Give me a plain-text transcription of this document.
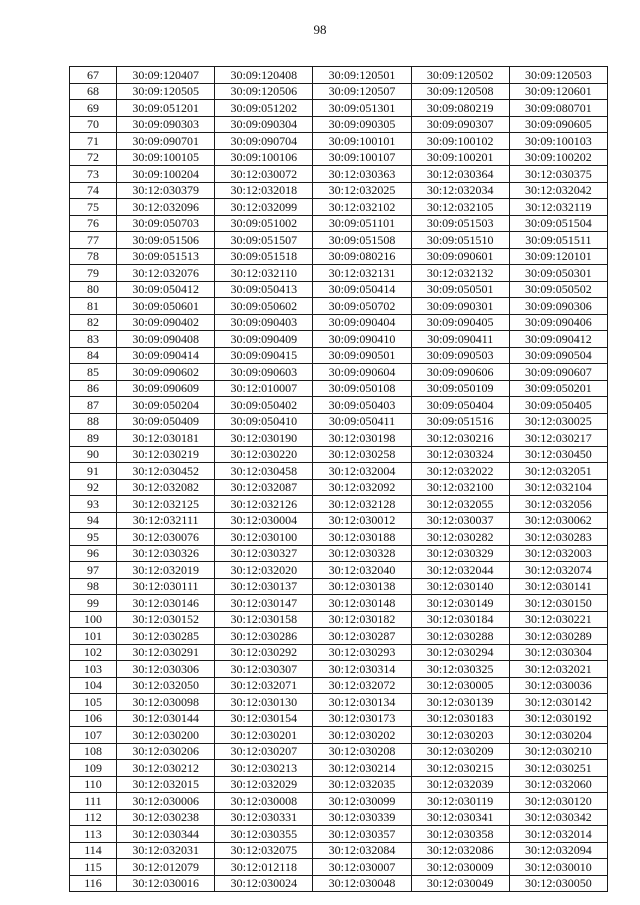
98
67	30:09:120407	30:09:120408	30:09:120501	30:09:120502	30:09:120503
68	30:09:120505	30:09:120506	30:09:120507	30:09:120508	30:09:120601
69	30:09:051201	30:09:051202	30:09:051301	30:09:080219	30:09:080701
70	30:09:090303	30:09:090304	30:09:090305	30:09:090307	30:09:090605
71	30:09:090701	30:09:090704	30:09:100101	30:09:100102	30:09:100103
72	30:09:100105	30:09:100106	30:09:100107	30:09:100201	30:09:100202
73	30:09:100204	30:12:030072	30:12:030363	30:12:030364	30:12:030375
74	30:12:030379	30:12:032018	30:12:032025	30:12:032034	30:12:032042
75	30:12:032096	30:12:032099	30:12:032102	30:12:032105	30:12:032119
76	30:09:050703	30:09:051002	30:09:051101	30:09:051503	30:09:051504
77	30:09:051506	30:09:051507	30:09:051508	30:09:051510	30:09:051511
78	30:09:051513	30:09:051518	30:09:080216	30:09:090601	30:09:120101
79	30:12:032076	30:12:032110	30:12:032131	30:12:032132	30:09:050301
80	30:09:050412	30:09:050413	30:09:050414	30:09:050501	30:09:050502
81	30:09:050601	30:09:050602	30:09:050702	30:09:090301	30:09:090306
82	30:09:090402	30:09:090403	30:09:090404	30:09:090405	30:09:090406
83	30:09:090408	30:09:090409	30:09:090410	30:09:090411	30:09:090412
84	30:09:090414	30:09:090415	30:09:090501	30:09:090503	30:09:090504
85	30:09:090602	30:09:090603	30:09:090604	30:09:090606	30:09:090607
86	30:09:090609	30:12:010007	30:09:050108	30:09:050109	30:09:050201
87	30:09:050204	30:09:050402	30:09:050403	30:09:050404	30:09:050405
88	30:09:050409	30:09:050410	30:09:050411	30:09:051516	30:12:030025
89	30:12:030181	30:12:030190	30:12:030198	30:12:030216	30:12:030217
90	30:12:030219	30:12:030220	30:12:030258	30:12:030324	30:12:030450
91	30:12:030452	30:12:030458	30:12:032004	30:12:032022	30:12:032051
92	30:12:032082	30:12:032087	30:12:032092	30:12:032100	30:12:032104
93	30:12:032125	30:12:032126	30:12:032128	30:12:032055	30:12:032056
94	30:12:032111	30:12:030004	30:12:030012	30:12:030037	30:12:030062
95	30:12:030076	30:12:030100	30:12:030188	30:12:030282	30:12:030283
96	30:12:030326	30:12:030327	30:12:030328	30:12:030329	30:12:032003
97	30:12:032019	30:12:032020	30:12:032040	30:12:032044	30:12:032074
98	30:12:030111	30:12:030137	30:12:030138	30:12:030140	30:12:030141
99	30:12:030146	30:12:030147	30:12:030148	30:12:030149	30:12:030150
100	30:12:030152	30:12:030158	30:12:030182	30:12:030184	30:12:030221
101	30:12:030285	30:12:030286	30:12:030287	30:12:030288	30:12:030289
102	30:12:030291	30:12:030292	30:12:030293	30:12:030294	30:12:030304
103	30:12:030306	30:12:030307	30:12:030314	30:12:030325	30:12:032021
104	30:12:032050	30:12:032071	30:12:032072	30:12:030005	30:12:030036
105	30:12:030098	30:12:030130	30:12:030134	30:12:030139	30:12:030142
106	30:12:030144	30:12:030154	30:12:030173	30:12:030183	30:12:030192
107	30:12:030200	30:12:030201	30:12:030202	30:12:030203	30:12:030204
108	30:12:030206	30:12:030207	30:12:030208	30:12:030209	30:12:030210
109	30:12:030212	30:12:030213	30:12:030214	30:12:030215	30:12:030251
110	30:12:032015	30:12:032029	30:12:032035	30:12:032039	30:12:032060
111	30:12:030006	30:12:030008	30:12:030099	30:12:030119	30:12:030120
112	30:12:030238	30:12:030331	30:12:030339	30:12:030341	30:12:030342
113	30:12:030344	30:12:030355	30:12:030357	30:12:030358	30:12:032014
114	30:12:032031	30:12:032075	30:12:032084	30:12:032086	30:12:032094
115	30:12:012079	30:12:012118	30:12:030007	30:12:030009	30:12:030010
116	30:12:030016	30:12:030024	30:12:030048	30:12:030049	30:12:030050
